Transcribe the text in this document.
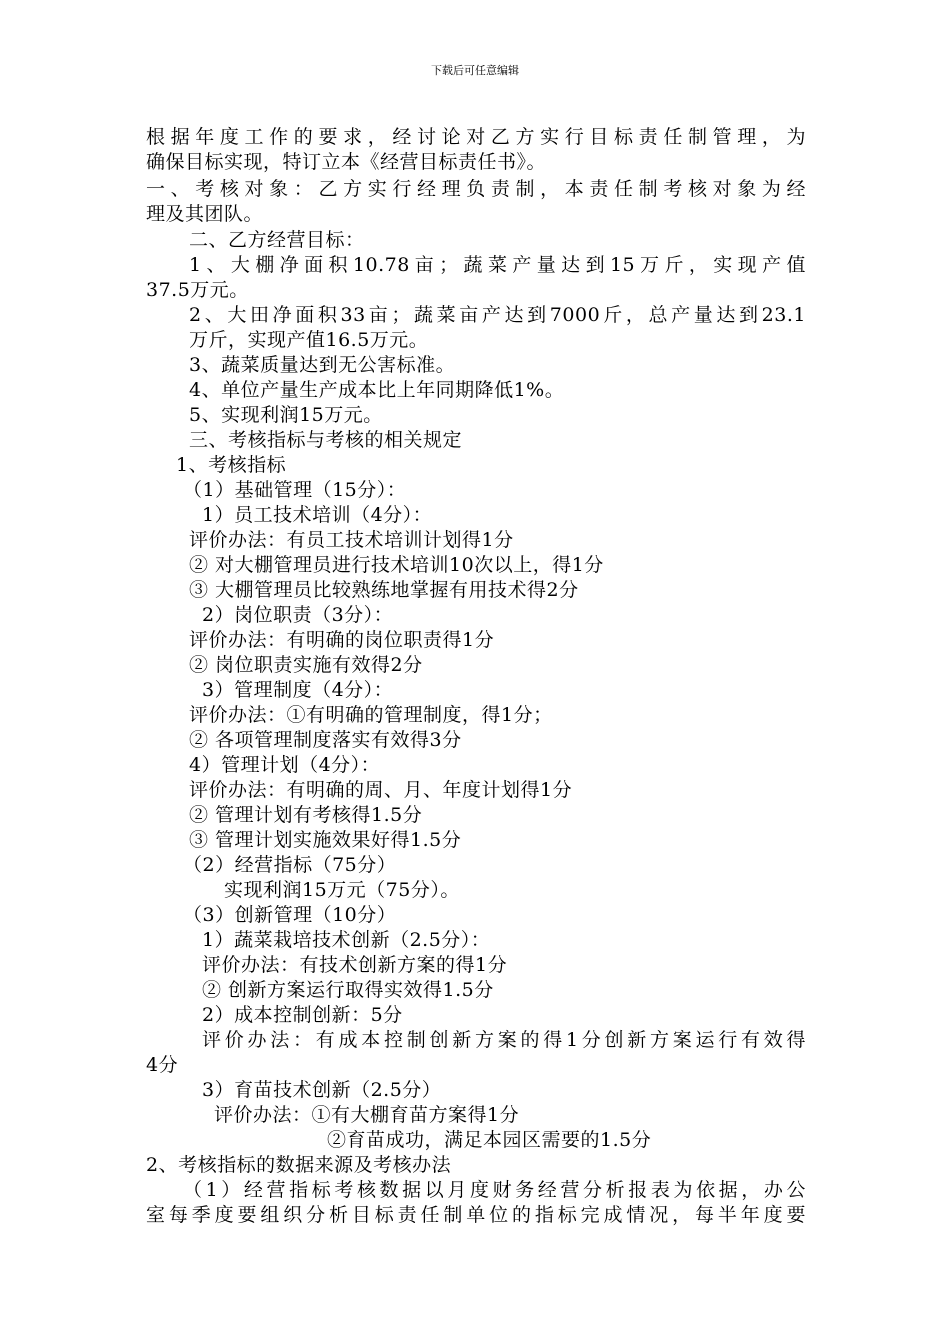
下载后可任意编辑
根据年度工作的要求，经讨论对乙方实行目标责任制管理，为
确保目标实现，特订立本《经营目标责任书》。
一、考核对象：乙方实行经理负责制，本责任制考核对象为经
理及其团队。
二、乙方经营目标：
1、大棚净面积10.78亩；蔬菜产量达到15万斤，实现产值
37.5万元。
2、大田净面积33亩；蔬菜亩产达到7000斤，总产量达到23.1
万斤，实现产值16.5万元。
3、蔬菜质量达到无公害标准。
4、单位产量生产成本比上年同期降低1%。
5、实现利润15万元。
三、考核指标与考核的相关规定
1、考核指标
（1）基础管理（15分）：
1）员工技术培训（4分）：
评价办法：有员工技术培训计划得1分
② 对大棚管理员进行技术培训10次以上，得1分
③ 大棚管理员比较熟练地掌握有用技术得2分
2）岗位职责（3分）：
评价办法：有明确的岗位职责得1分
② 岗位职责实施有效得2分
3）管理制度（4分）：
评价办法：①有明确的管理制度，得1分；
② 各项管理制度落实有效得3分
4）管理计划（4分）：
评价办法：有明确的周、月、年度计划得1分
② 管理计划有考核得1.5分
③ 管理计划实施效果好得1.5分
（2）经营指标（75分）
实现利润15万元（75分）。
（3）创新管理（10分）
1）蔬菜栽培技术创新（2.5分）：
评价办法：有技术创新方案的得1分
② 创新方案运行取得实效得1.5分
2）成本控制创新：5分
评价办法：有成本控制创新方案的得1分创新方案运行有效得
4分
3）育苗技术创新（2.5分）
评价办法：①有大棚育苗方案得1分
②育苗成功，满足本园区需要的1.5分
2、考核指标的数据来源及考核办法
（1）经营指标考核数据以月度财务经营分析报表为依据，办公
室每季度要组织分析目标责任制单位的指标完成情况，每半年度要
